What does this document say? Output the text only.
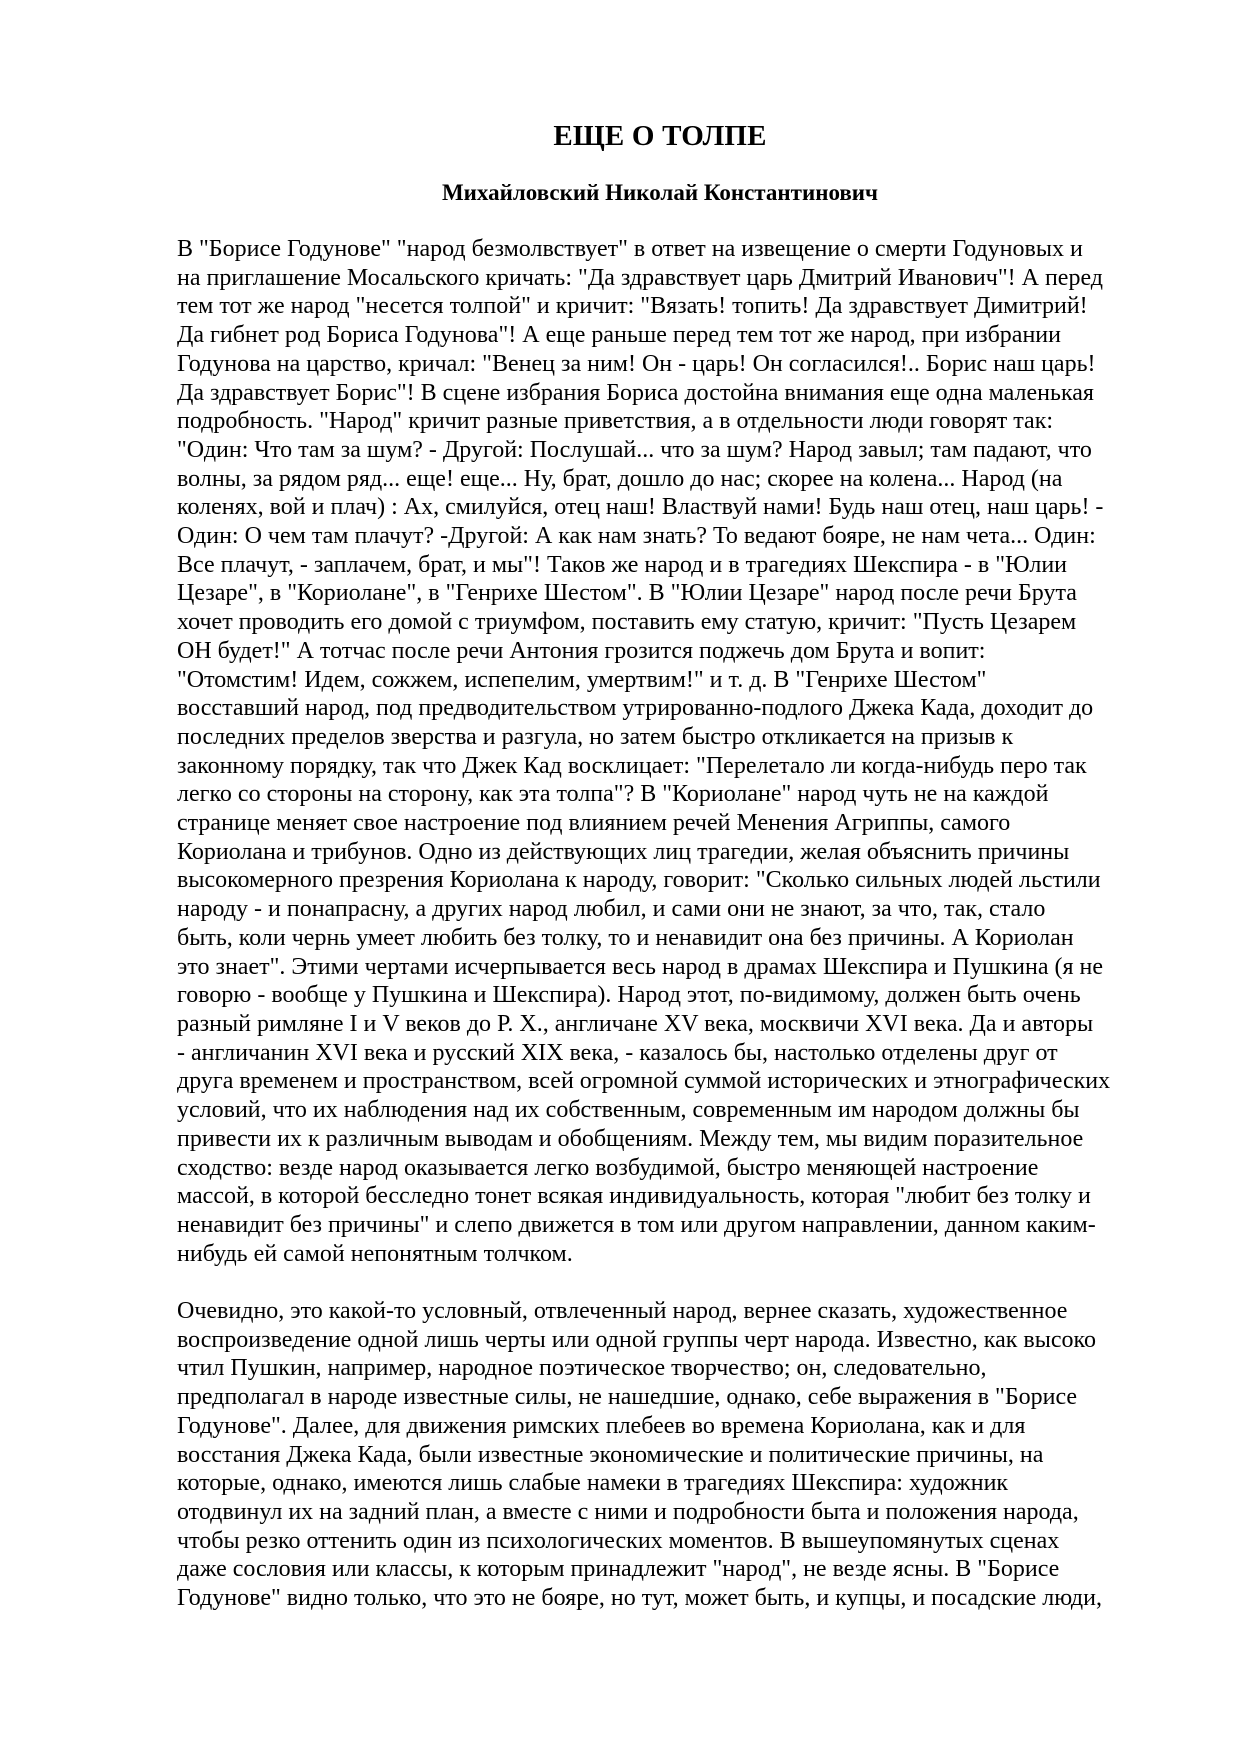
ЕЩЕ О ТОЛПЕ
Михайловский Николай Константинович
В "Борисе Годунове" "народ безмолвствует" в ответ на извещение о смерти Годуновых и
на приглашение Мосальского кричать: "Да здравствует царь Дмитрий Иванович"! А перед
тем тот же народ "несется толпой" и кричит: "Вязать! топить! Да здравствует Димитрий!
Да гибнет род Бориса Годунова"! А еще раньше перед тем тот же народ, при избрании
Годунова на царство, кричал: "Венец за ним! Он - царь! Он согласился!.. Борис наш царь!
Да здравствует Борис"! В сцене избрания Бориса достойна внимания еще одна маленькая
подробность. "Народ" кричит разные приветствия, а в отдельности люди говорят так:
"Один: Что там за шум? - Другой: Послушай... что за шум? Народ завыл; там падают, что
волны, за рядом ряд... еще! еще... Ну, брат, дошло до нас; скорее на колена... Народ (на
коленях, вой и плач) : Ах, смилуйся, отец наш! Властвуй нами! Будь наш отец, наш царь! -
Один: О чем там плачут? -Другой: А как нам знать? То ведают бояре, не нам чета... Один:
Все плачут, - заплачем, брат, и мы"! Таков же народ и в трагедиях Шекспира - в "Юлии
Цезаре", в "Кориолане", в "Генрихе Шестом". В "Юлии Цезаре" народ после речи Брута
хочет проводить его домой с триумфом, поставить ему статую, кричит: "Пусть Цезарем
ОН будет!" А тотчас после речи Антония грозится поджечь дом Брута и вопит:
"Отомстим! Идем, сожжем, испепелим, умертвим!" и т. д. В "Генрихе Шестом"
восставший народ, под предводительством утрированно-подлого Джека Када, доходит до
последних пределов зверства и разгула, но затем быстро откликается на призыв к
законному порядку, так что Джек Кад восклицает: "Перелетало ли когда-нибудь перо так
легко со стороны на сторону, как эта толпа"? В "Кориолане" народ чуть не на каждой
странице меняет свое настроение под влиянием речей Менения Агриппы, самого
Кориолана и трибунов. Одно из действующих лиц трагедии, желая объяснить причины
высокомерного презрения Кориолана к народу, говорит: "Сколько сильных людей льстили
народу - и понапрасну, а других народ любил, и сами они не знают, за что, так, стало
быть, коли чернь умеет любить без толку, то и ненавидит она без причины. А Кориолан
это знает". Этими чертами исчерпывается весь народ в драмах Шекспира и Пушкина (я не
говорю - вообще у Пушкина и Шекспира). Народ этот, по-видимому, должен быть очень
разный римляне I и V веков до Р. Х., англичане XV века, москвичи XVI века. Да и авторы
- англичанин XVI века и русский XIX века, - казалось бы, настолько отделены друг от
друга временем и пространством, всей огромной суммой исторических и этнографических
условий, что их наблюдения над их собственным, современным им народом должны бы
привести их к различным выводам и обобщениям. Между тем, мы видим поразительное
сходство: везде народ оказывается легко возбудимой, быстро меняющей настроение
массой, в которой бесследно тонет всякая индивидуальность, которая "любит без толку и
ненавидит без причины" и слепо движется в том или другом направлении, данном каким-
нибудь ей самой непонятным толчком.
Очевидно, это какой-то условный, отвлеченный народ, вернее сказать, художественное
воспроизведение одной лишь черты или одной группы черт народа. Известно, как высоко
чтил Пушкин, например, народное поэтическое творчество; он, следовательно,
предполагал в народе известные силы, не нашедшие, однако, себе выражения в "Борисе
Годунове". Далее, для движения римских плебеев во времена Кориолана, как и для
восстания Джека Када, были известные экономические и политические причины, на
которые, однако, имеются лишь слабые намеки в трагедиях Шекспира: художник
отодвинул их на задний план, а вместе с ними и подробности быта и положения народа,
чтобы резко оттенить один из психологических моментов. В вышеупомянутых сценах
даже сословия или классы, к которым принадлежит "народ", не везде ясны. В "Борисе
Годунове" видно только, что это не бояре, но тут, может быть, и купцы, и посадские люди,
